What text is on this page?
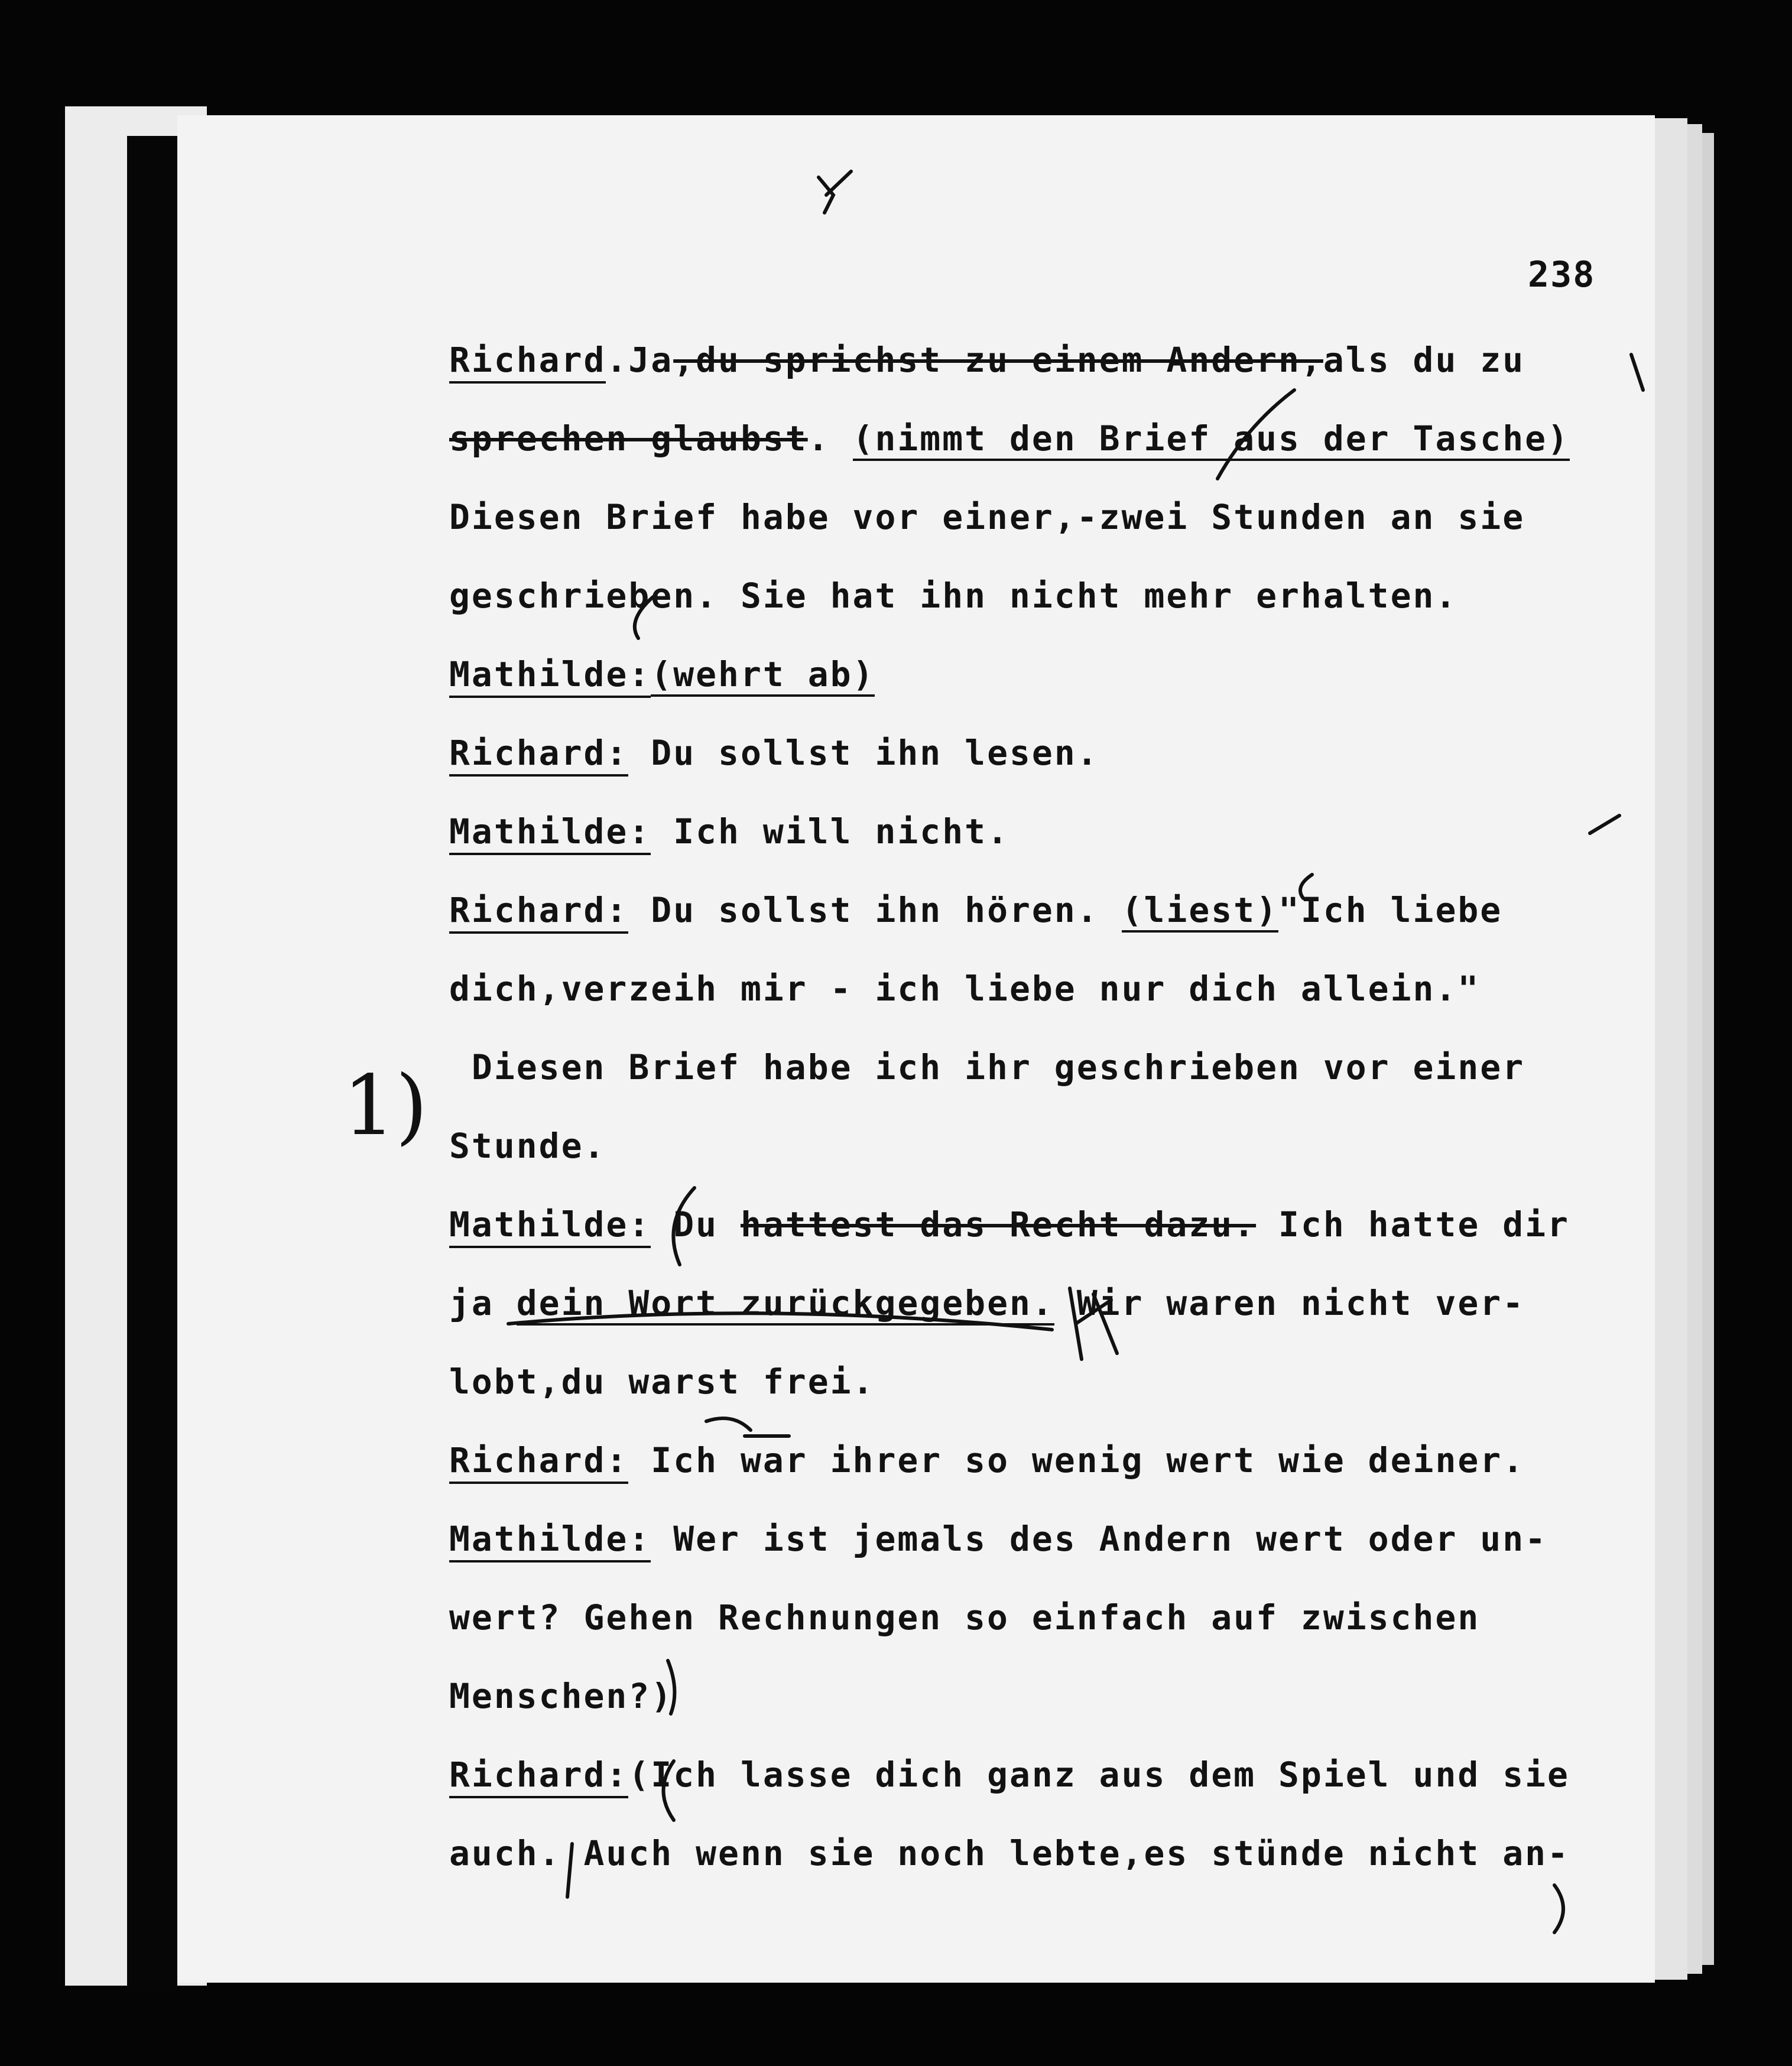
238
1)

Richard.Ja,du sprichst zu einem Andern,als du zu

sprechen glaubst. (nimmt den Brief aus der Tasche)

Diesen Brief habe vor einer,-zwei Stunden an sie

geschrieben. Sie hat ihn nicht mehr erhalten.

Mathilde:(wehrt ab)

Richard: Du sollst ihn lesen.

Mathilde: Ich will nicht.

Richard: Du sollst ihn hören. (liest)"Ich liebe

dich,verzeih mir - ich liebe nur dich allein."

Diesen Brief habe ich ihr geschrieben vor einer

Stunde.

Mathilde: Du hattest das Recht dazu. Ich hatte dir

ja dein Wort zurückgegeben. Wir waren nicht ver-

lobt,du warst frei.

Richard: Ich war ihrer so wenig wert wie deiner.

Mathilde: Wer ist jemals des Andern wert oder un-

wert? Gehen Rechnungen so einfach auf zwischen

Menschen?)

Richard:(Ich lasse dich ganz aus dem Spiel und sie

auch. Auch wenn sie noch lebte,es stünde nicht an-
